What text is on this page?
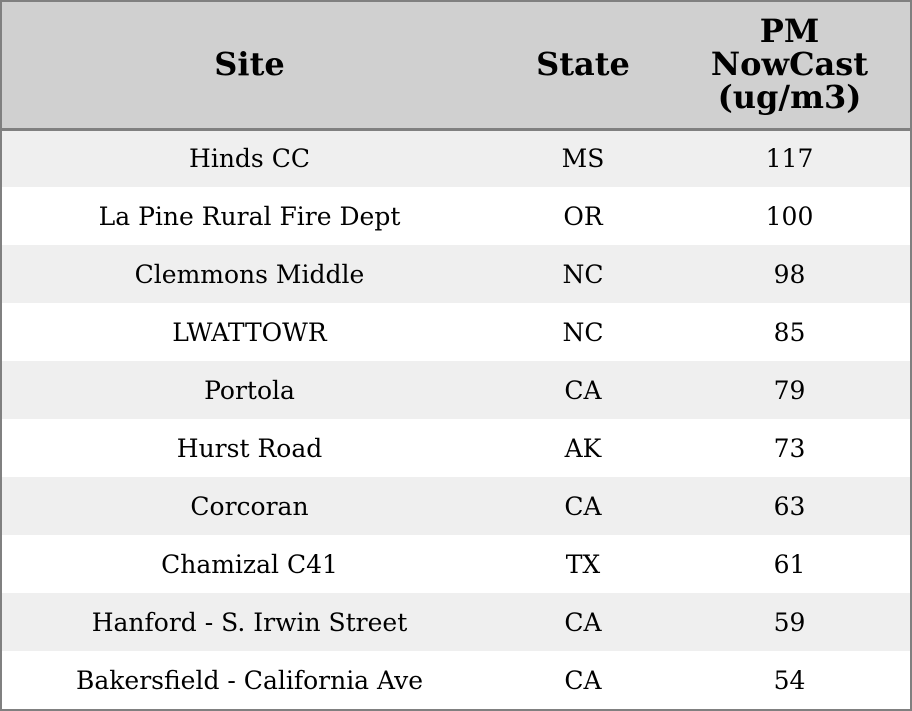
Site	State	PM
NowCast
(ug/m3)

Hinds CC	MS	117
La Pine Rural Fire Dept	OR	100
Clemmons Middle	NC	98
LWATTOWR	NC	85
Portola	CA	79
Hurst Road	AK	73
Corcoran	CA	63
Chamizal C41	TX	61
Hanford - S. Irwin Street	CA	59
Bakersfield - California Ave	CA	54
